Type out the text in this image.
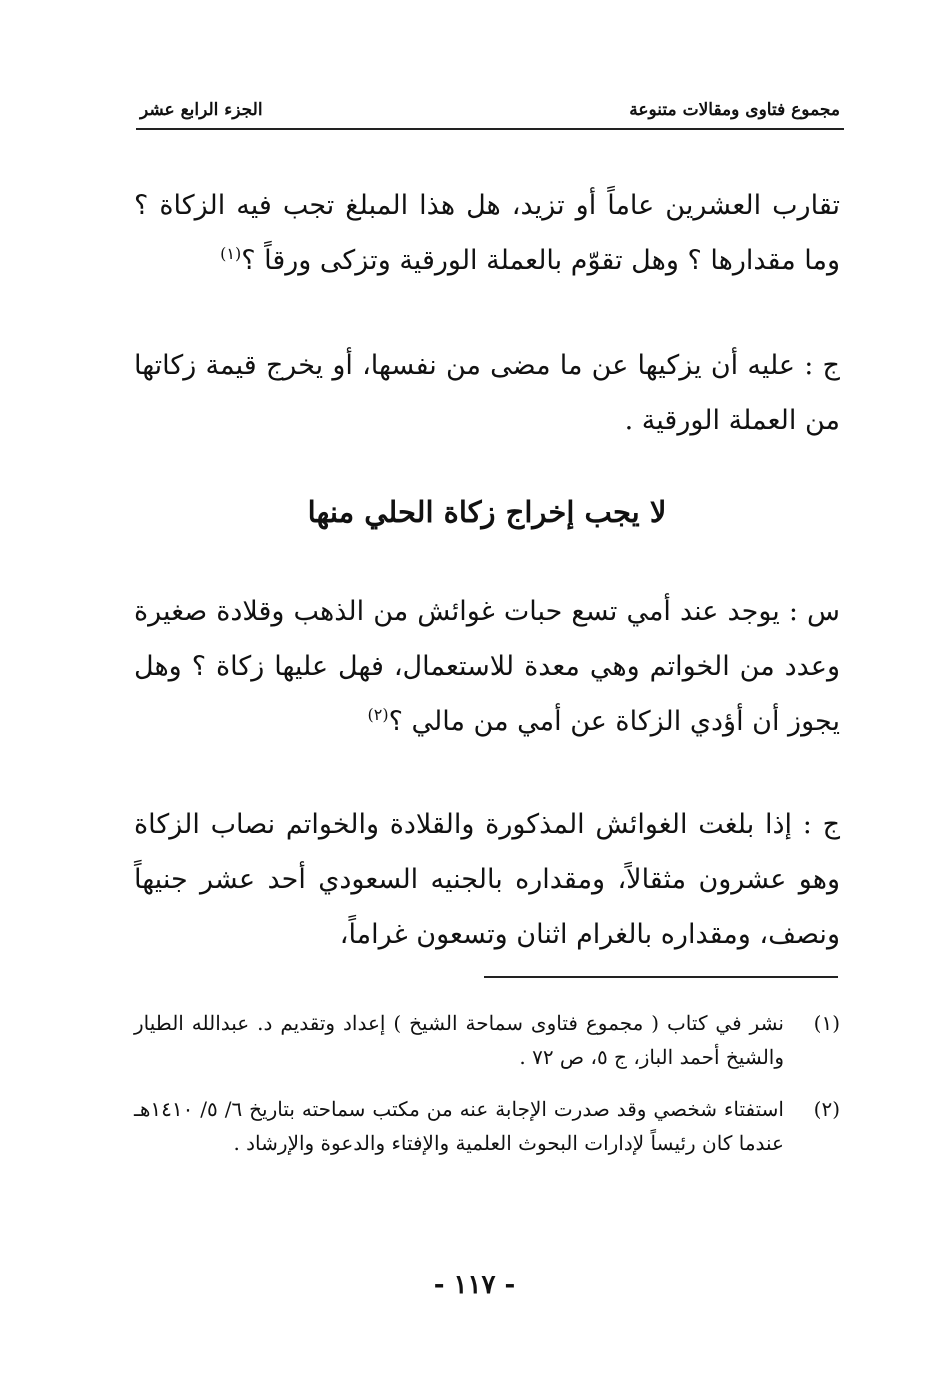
مجموع فتاوى ومقالات متنوعة
الجزء الرابع عشر

تقارب العشرين عاماً أو تزيد، هل هذا المبلغ تجب فيه الزكاة ؟ وما مقدارها ؟ وهل تقوّم بالعملة الورقية وتزكى ورقاً ؟$^{(١)}$

ج : عليه أن يزكيها عن ما مضى من نفسها، أو يخرج قيمة زكاتها من العملة الورقية .

لا يجب إخراج زكاة الحلي منها

س : يوجد عند أمي تسع حبات غوائش من الذهب وقلادة صغيرة وعدد من الخواتم وهي معدة للاستعمال، فهل عليها زكاة ؟ وهل يجوز أن أؤدي الزكاة عن أمي من مالي ؟$^{(٢)}$

ج : إذا بلغت الغوائش المذكورة والقلادة والخواتم نصاب الزكاة وهو عشرون مثقالاً، ومقداره بالجنيه السعودي أحد عشر جنيهاً ونصف، ومقداره بالغرام اثنان وتسعون غراماً،

(١)
نشر في كتاب ( مجموع فتاوى سماحة الشيخ ) إعداد وتقديم د. عبدالله الطيار والشيخ أحمد الباز، ج ٥، ص ٧٢ .
(٢)
استفتاء شخصي وقد صدرت الإجابة عنه من مكتب سماحته بتاريخ ٦/ ٥/ ١٤١٠هـ عندما كان رئيساً لإدارات البحوث العلمية والإفتاء والدعوة والإرشاد .
- ١١٧ -
